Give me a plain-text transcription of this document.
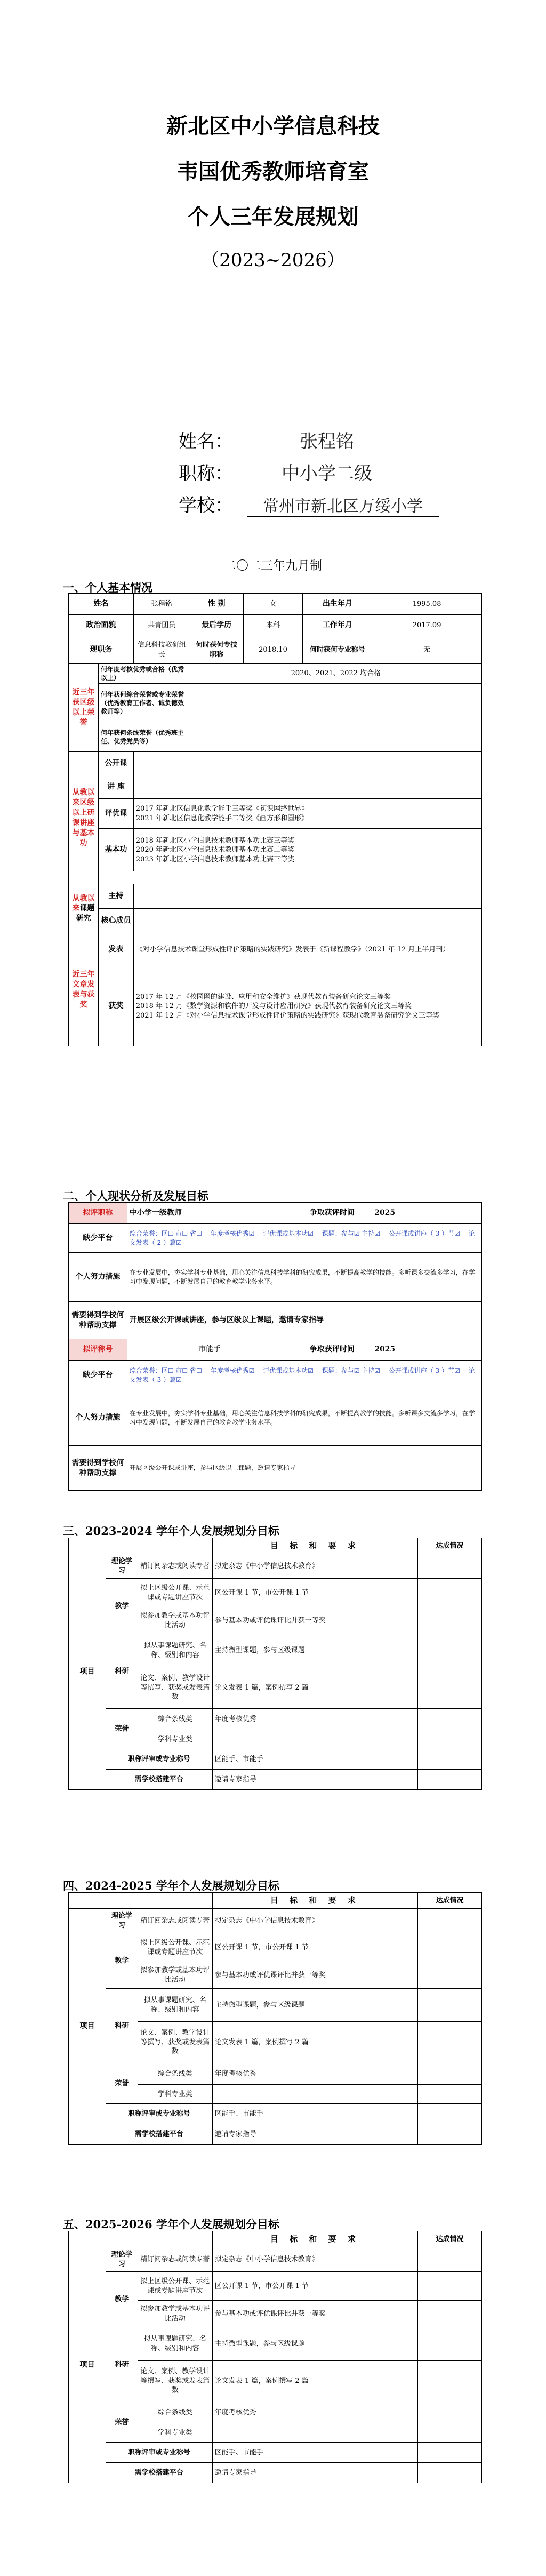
新北区中小学信息科技
韦国优秀教师培育室
个人三年发展规划
（2023~2026）
姓名：	张程铭
职称：	中小学二级
学校： 常州市新北区万绥小学
二〇二三年九月制
一、个人基本情况
姓名		张程铭	性 别	女	出生年月	1995.08
政治面貌		共青团员	最后学历	本科	工作年月	2017.09
现职务		信息科技教研组长	何时获何专技职称	2018.10	何时获何专业称号	无
近三年获区级以上荣誉	何年度考核优秀或合格（优秀以上）		2020、2021、2022 均合格			
	何年获何综合荣誉或专业荣誉（优秀教育工作者、诚负德效教师等）					
	何年获何条线荣誉（优秀班主任、优秀党员等）					
从教以来区级以上研课讲座与基本功	公开课					
	讲 座					
	评优课	2017 年新北区信息化教学能手三等奖《初识网络世界》
2021 年新北区信息化教学能手二等奖《画方形和圆形》				

	基本功	2018 年新北区小学信息技术教师基本功比赛三等奖
2020 年新北区小学信息技术教师基本功比赛二等奖
2023 年新北区小学信息技术教师基本功比赛三等奖				

从教以来课题研究	主持					
	核心成员					
近三年文章发表与获奖	发表	《对小学信息技术课堂形成性评价策略的实践研究》发表于《新课程教学》（2021 年 12 月上半月刊）				
	获奖	2017 年 12 月《校园网的建设、应用和安全维护》获现代教育装备研究论文三等奖
2018 年 12 月《数学资源和软件的开发与设计应用研究》获现代教育装备研究论文三等奖
2021 年 12 月《对小学信息技术课堂形成性评价策略的实践研究》获现代教育装备研究论文三等奖				
二、个人现状分析及发展目标
拟评职称	中小学一级教师	争取获评时间	2025
缺少平台	综合荣誉：区☐ 市☐ 省☐ 　年度考核优秀☑ 　评优课或基本功☑ 　课题：参与☑ 主持☑ 　公开课或讲座（ 3 ）节☑ 　论文发表（ 2 ）篇☑		
个人努力措施	在专业发展中，夯实学科专业基础，用心关注信息科技学科的研究成果，不断提高教学的技能。多听课多交流多学习，在学习中发现问题，不断发展自己的教育教学业务水平。		
需要得到学校何种帮助支撑	开展区级公开课或讲座，参与区级以上课题，邀请专家指导		
拟评称号	市能手	争取获评时间	2025
缺少平台	综合荣誉：区☐ 市☐ 省☐ 　年度考核优秀☑ 　评优课或基本功☑ 　课题：参与☑ 主持☑ 　公开课或讲座（ 3 ）节☑ 　论文发表（ 3 ）篇☑		
个人努力措施	在专业发展中，夯实学科专业基础，用心关注信息科技学科的研究成果，不断提高教学的技能。多听课多交流多学习，在学习中发现问题，不断发展自己的教育教学业务水平。		
需要得到学校何种帮助支撑	开展区级公开课或讲座，参与区级以上课题，邀请专家指导		
三、2023-2024 学年个人发展规划分目标
			目 标 和 要 求	达成情况
项目	理论学习	精订阅杂志或阅读专著	拟定杂志《中小学信息技术教育》	
	教学	拟上区级公开课、示范课或专题讲座节次	区公开课 1 节，市公开课 1 节	
		拟参加教学或基本功评比活动	参与基本功或评优课评比并获一等奖	
	科研	拟从事课题研究、名称、级别和内容	主持微型课题，参与区级课题	
		论文、案例、教学设计等撰写、获奖或发表篇数	论文发表 1 篇，案例撰写 2 篇	
	荣誉	综合条线类	年度考核优秀	
		学科专业类		
	职称评审或专业称号		区能手、市能手	
	需学校搭建平台		邀请专家指导	
四、2024-2025 学年个人发展规划分目标
			目 标 和 要 求	达成情况
项目	理论学习	精订阅杂志或阅读专著	拟定杂志《中小学信息技术教育》	
	教学	拟上区级公开课、示范课或专题讲座节次	区公开课 1 节，市公开课 1 节	
		拟参加教学或基本功评比活动	参与基本功或评优课评比并获一等奖	
	科研	拟从事课题研究、名称、级别和内容	主持微型课题，参与区级课题	
		论文、案例、教学设计等撰写、获奖或发表篇数	论文发表 1 篇，案例撰写 2 篇	
	荣誉	综合条线类	年度考核优秀	
		学科专业类		
	职称评审或专业称号		区能手、市能手	
	需学校搭建平台		邀请专家指导	
五、2025-2026 学年个人发展规划分目标
			目 标 和 要 求	达成情况
项目	理论学习	精订阅杂志或阅读专著	拟定杂志《中小学信息技术教育》	
	教学	拟上区级公开课、示范课或专题讲座节次	区公开课 1 节，市公开课 1 节	
		拟参加教学或基本功评比活动	参与基本功或评优课评比并获一等奖	
	科研	拟从事课题研究、名称、级别和内容	主持微型课题，参与区级课题	
		论文、案例、教学设计等撰写、获奖或发表篇数	论文发表 1 篇，案例撰写 2 篇	
	荣誉	综合条线类	年度考核优秀	
		学科专业类		
	职称评审或专业称号		区能手、市能手	
	需学校搭建平台		邀请专家指导	
